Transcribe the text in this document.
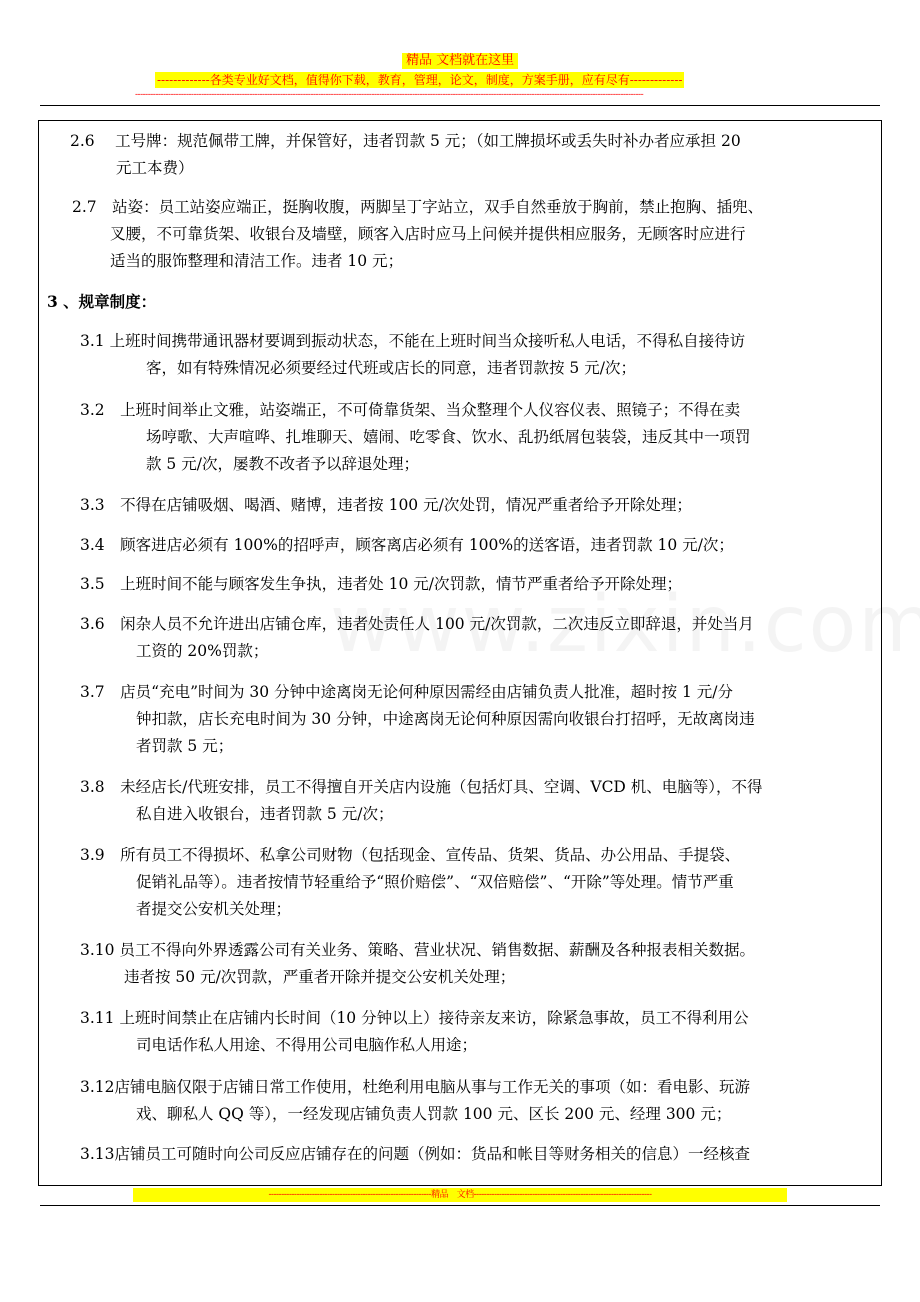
精品 文档就在这里
-------------各类专业好文档，值得你下载，教育，管理，论文，制度，方案手册，应有尽有-------------
--------------------------------------------------------------------------------------------------------------------------------------------------------------------------------------------------------
2.6　 工号牌：规范佩带工牌，并保管好，违者罚款 5 元；（如工牌损坏或丢失时补办者应承担 20
元工本费）
2.7　站姿：员工站姿应端正，挺胸收腹，两脚呈丁字站立，双手自然垂放于胸前，禁止抱胸、插兜、
叉腰，不可靠货架、收银台及墙壁，顾客入店时应马上问候并提供相应服务，无顾客时应进行
适当的服饰整理和清洁工作。违者 10 元；
3 、规章制度：
3.1 上班时间携带通讯器材要调到振动状态，不能在上班时间当众接听私人电话，不得私自接待访
客，如有特殊情况必须要经过代班或店长的同意，违者罚款按 5 元/次；
3.2　上班时间举止文雅，站姿端正，不可倚靠货架、当众整理个人仪容仪表、照镜子；不得在卖
场哼歌、大声喧哗、扎堆聊天、嬉闹、吃零食、饮水、乱扔纸屑包装袋，违反其中一项罚
款 5 元/次，屡教不改者予以辞退处理；
3.3　不得在店铺吸烟、喝酒、赌博，违者按 100 元/次处罚，情况严重者给予开除处理；
3.4　顾客进店必须有 100%的招呼声，顾客离店必须有 100%的送客语，违者罚款 10 元/次；
3.5　上班时间不能与顾客发生争执，违者处 10 元/次罚款，情节严重者给予开除处理；
3.6　闲杂人员不允许进出店铺仓库，违者处责任人 100 元/次罚款，二次违反立即辞退，并处当月
工资的 20%罚款；
3.7　店员“充电”时间为 30 分钟中途离岗无论何种原因需经由店铺负责人批准，超时按 1 元/分
钟扣款，店长充电时间为 30 分钟，中途离岗无论何种原因需向收银台打招呼，无故离岗违
者罚款 5 元；
3.8　未经店长/代班安排，员工不得擅自开关店内设施（包括灯具、空调、VCD 机、电脑等），不得
私自进入收银台，违者罚款 5 元/次；
3.9　所有员工不得损坏、私拿公司财物（包括现金、宣传品、货架、货品、办公用品、手提袋、
促销礼品等）。违者按情节轻重给予“照价赔偿”、“双倍赔偿”、“开除”等处理。情节严重
者提交公安机关处理；
3.10 员工不得向外界透露公司有关业务、策略、营业状况、销售数据、薪酬及各种报表相关数据。
违者按 50 元/次罚款，严重者开除并提交公安机关处理；
3.11 上班时间禁止在店铺内长时间（10 分钟以上）接待亲友来访，除紧急事故，员工不得利用公
司电话作私人用途、不得用公司电脑作私人用途；
3.12店铺电脑仅限于店铺日常工作使用，杜绝利用电脑从事与工作无关的事项（如：看电影、玩游
戏、聊私人 QQ 等），一经发现店铺负责人罚款 100 元、区长 200 元、经理 300 元；
3.13店铺员工可随时向公司反应店铺存在的问题（例如：货品和帐目等财务相关的信息）一经核查
----------------------------------------------------------------精品　文档----------------------------------------------------------------------
